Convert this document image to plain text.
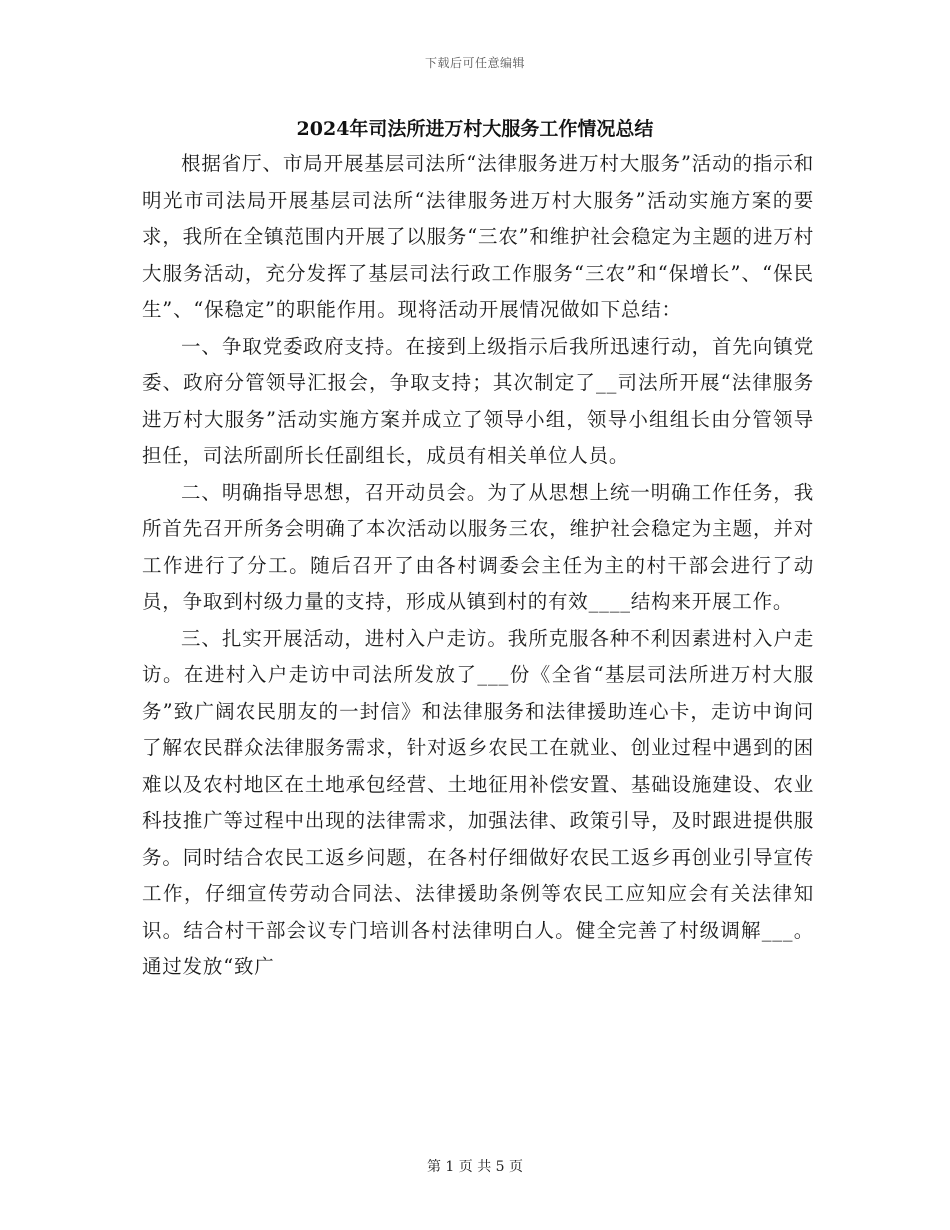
下载后可任意编辑
2024年司法所进万村大服务工作情况总结

根据省厅、市局开展基层司法所“法律服务进万村大服务”活动的指示和明光市司法局开展基层司法所“法律服务进万村大服务”活动实施方案的要求，我所在全镇范围内开展了以服务“三农”和维护社会稳定为主题的进万村大服务活动，充分发挥了基层司法行政工作服务“三农”和“保增长”、“保民生”、“保稳定”的职能作用。现将活动开展情况做如下总结：

一、争取党委政府支持。在接到上级指示后我所迅速行动，首先向镇党委、政府分管领导汇报会，争取支持；其次制定了__司法所开展“法律服务进万村大服务”活动实施方案并成立了领导小组，领导小组组长由分管领导担任，司法所副所长任副组长，成员有相关单位人员。

二、明确指导思想，召开动员会。为了从思想上统一明确工作任务，我所首先召开所务会明确了本次活动以服务三农，维护社会稳定为主题，并对工作进行了分工。随后召开了由各村调委会主任为主的村干部会进行了动员，争取到村级力量的支持，形成从镇到村的有效____结构来开展工作。

三、扎实开展活动，进村入户走访。我所克服各种不利因素进村入户走访。在进村入户走访中司法所发放了___份《全省“基层司法所进万村大服务”致广阔农民朋友的一封信》和法律服务和法律援助连心卡，走访中询问了解农民群众法律服务需求，针对返乡农民工在就业、创业过程中遇到的困难以及农村地区在土地承包经营、土地征用补偿安置、基础设施建设、农业科技推广等过程中出现的法律需求，加强法律、政策引导，及时跟进提供服务。同时结合农民工返乡问题，在各村仔细做好农民工返乡再创业引导宣传工作，仔细宣传劳动合同法、法律援助条例等农民工应知应会有关法律知识。结合村干部会议专门培训各村法律明白人。健全完善了村级调解___。通过发放“致广

第 1 页 共 5 页
